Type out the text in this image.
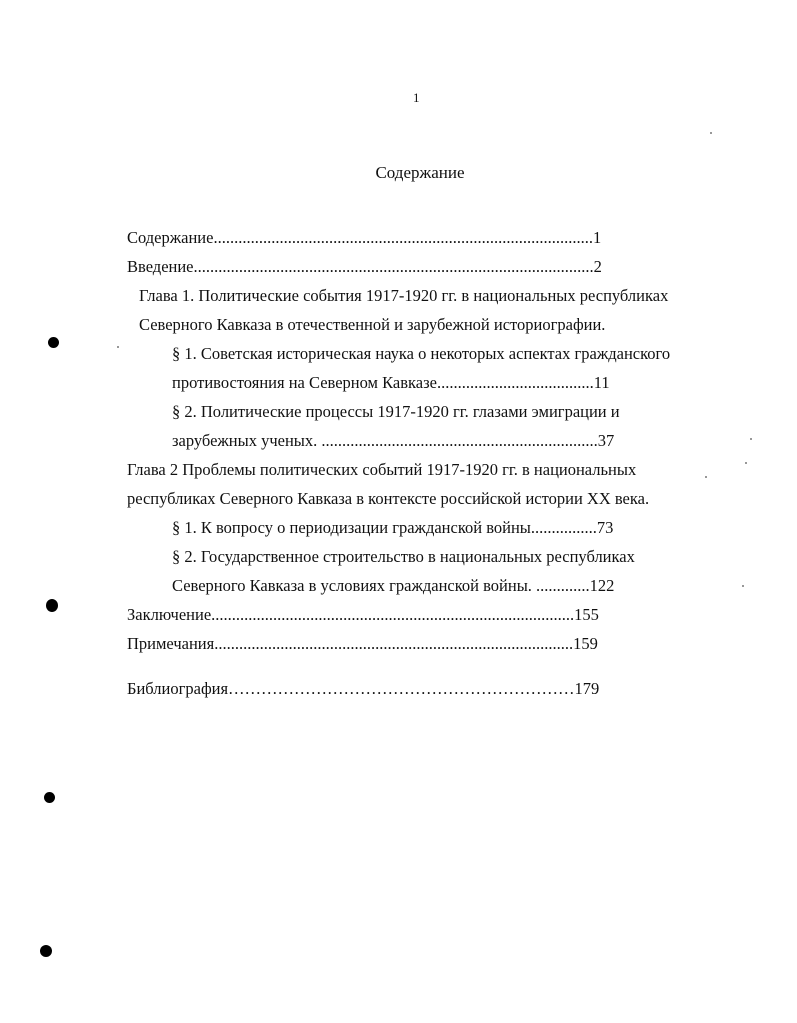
1
Содержание
Содержание............................................................................................1
Введение.................................................................................................2
Глава 1. Политические события 1917-1920 гг. в национальных республиках
Северного Кавказа в отечественной и зарубежной историографии.
§ 1. Советская историческая наука о некоторых аспектах гражданского
противостояния на Северном Кавказе......................................11
§ 2. Политические процессы 1917-1920 гг. глазами эмиграции и
зарубежных ученых. ...................................................................37
Глава 2 Проблемы политических событий 1917-1920 гг. в национальных
республиках Северного Кавказа в контексте российской истории XX века.
§ 1. К вопросу о периодизации гражданской войны................73
§ 2. Государственное строительство в национальных республиках
Северного Кавказа в условиях гражданской войны. .............122
Заключение........................................................................................155
Примечания.......................................................................................159
Библиография………………………………………………………179
